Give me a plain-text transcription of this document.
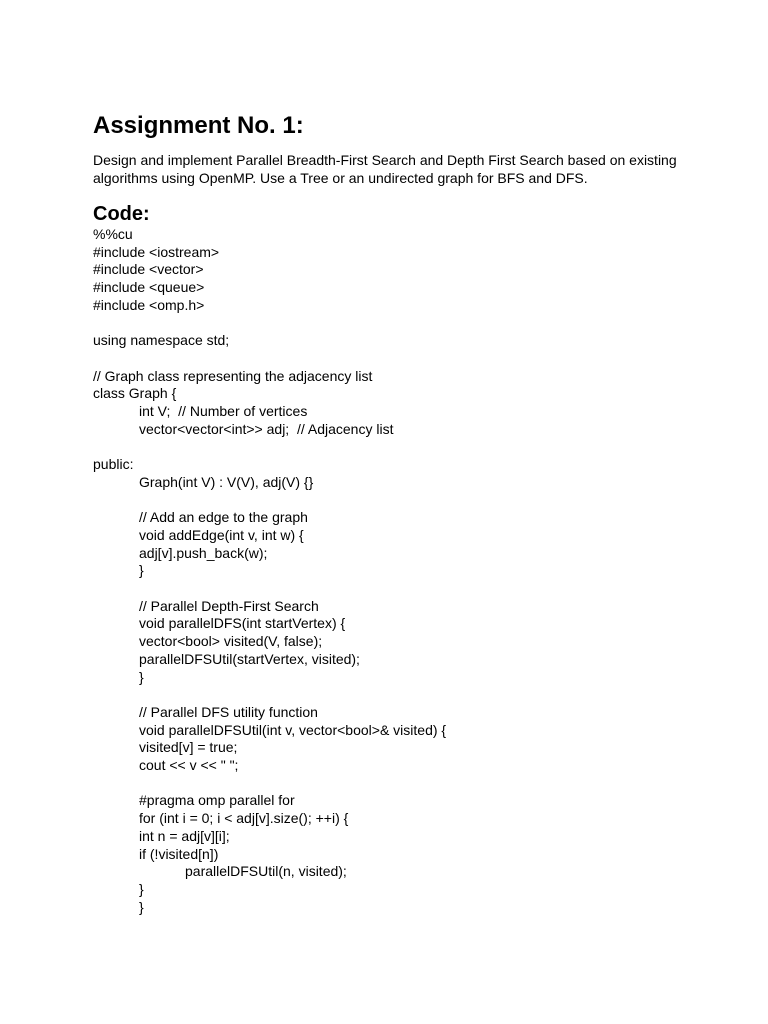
Assignment No. 1:

Design and implement Parallel Breadth-First Search and Depth First Search based on existing algorithms using OpenMP. Use a Tree or an undirected graph for BFS and DFS.

Code:
%%cu
#include <iostream>
#include <vector>
#include <queue>
#include <omp.h>
using namespace std;
// Graph class representing the adjacency list
class Graph {
int V;  // Number of vertices
vector<vector<int>> adj;  // Adjacency list
public:
Graph(int V) : V(V), adj(V) {}
// Add an edge to the graph
void addEdge(int v, int w) {
adj[v].push_back(w);
}
// Parallel Depth-First Search
void parallelDFS(int startVertex) {
vector<bool> visited(V, false);
parallelDFSUtil(startVertex, visited);
}
// Parallel DFS utility function
void parallelDFSUtil(int v, vector<bool>& visited) {
visited[v] = true;
cout << v << " ";
#pragma omp parallel for
for (int i = 0; i < adj[v].size(); ++i) {
int n = adj[v][i];
if (!visited[n])
parallelDFSUtil(n, visited);
}
}
